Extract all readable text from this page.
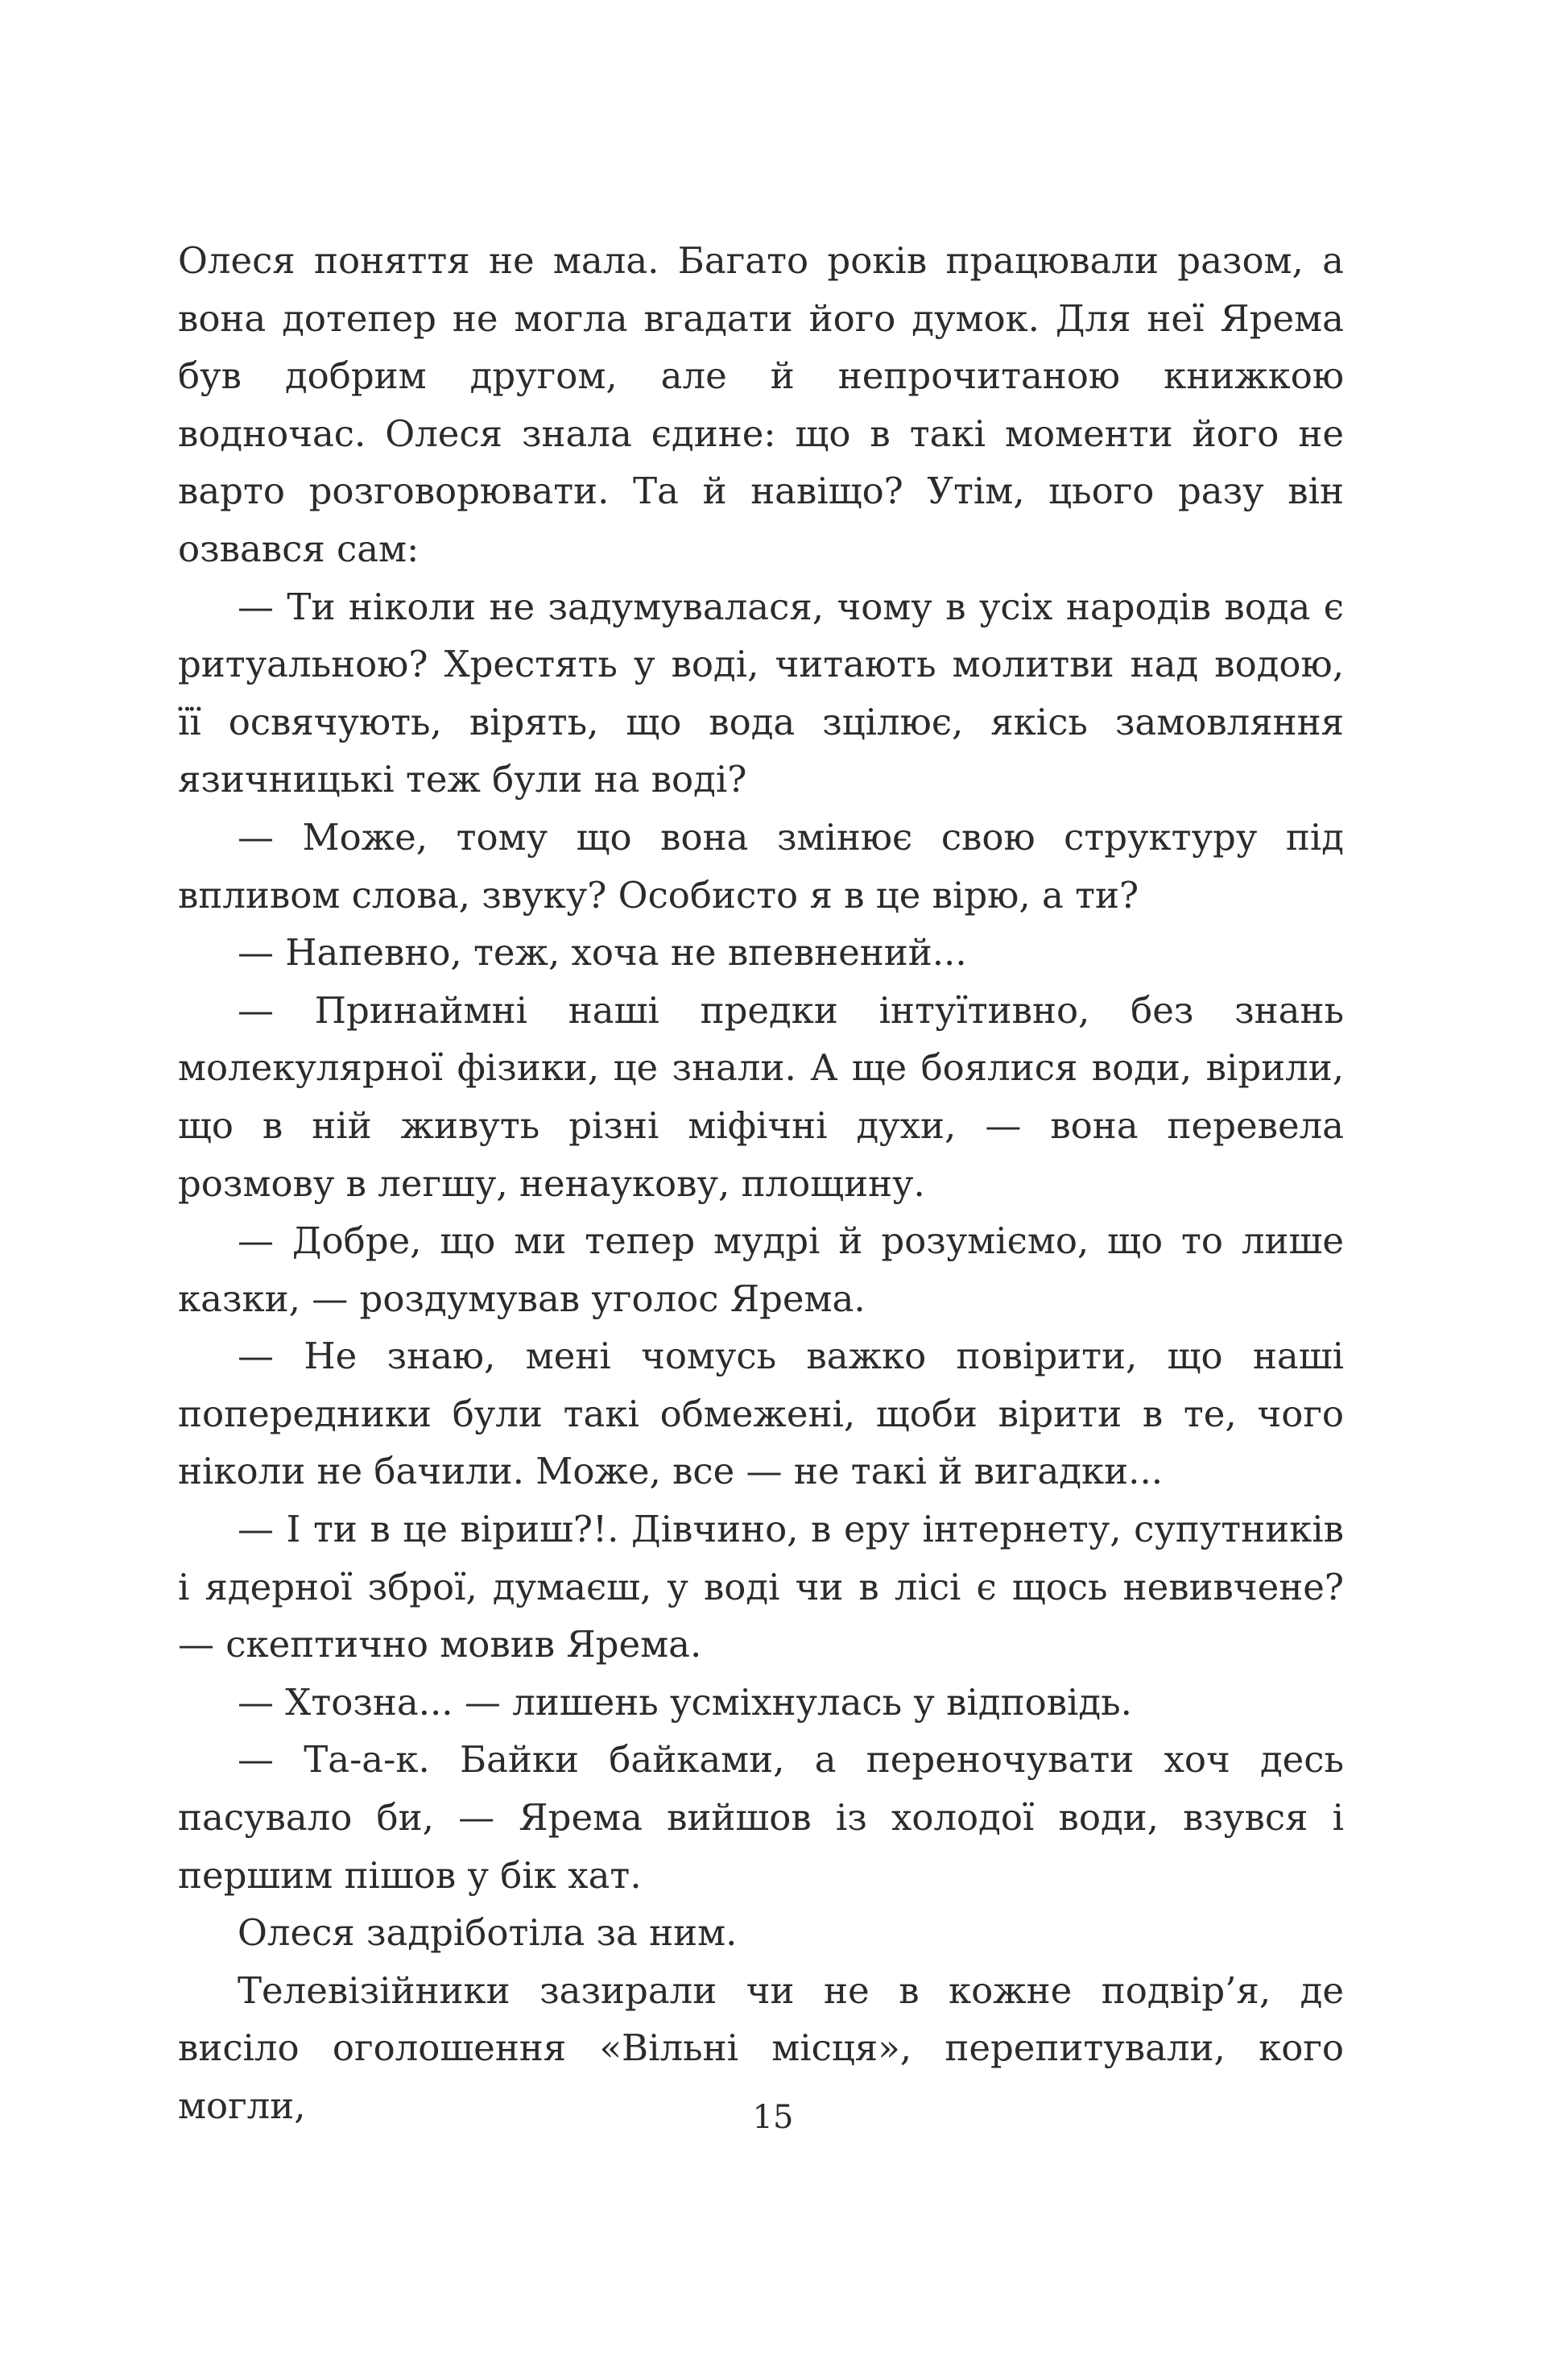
Олеся поняття не мала. Багато років працювали разом, а вона дотепер не могла вгадати його думок. Для неї Ярема був добрим другом, але й непрочитаною книжкою водночас. Олеся знала єдине: що в такі моменти його не варто розговорювати. Та й навіщо? Утім, цього разу він озвався сам:

— Ти ніколи не задумувалася, чому в усіх народів вода є ритуальною? Хрестять у воді, читають молитви над водою, її освячують, вірять, що вода зцілює, якісь замовляння язичницькі теж були на воді?

— Може, тому що вона змінює свою структуру під впливом слова, звуку? Особисто я в це вірю, а ти?

— Напевно, теж, хоча не впевнений...

— Принаймні наші предки інтуїтивно, без знань молекулярної фізики, це знали. А ще боялися води, вірили, що в ній живуть різні міфічні духи, — вона перевела розмову в легшу, ненаукову, площину.

— Добре, що ми тепер мудрі й розуміємо, що то лише казки, — роздумував уголос Ярема.

— Не знаю, мені чомусь важко повірити, що наші попередники були такі обмежені, щоби вірити в те, чого ніколи не бачили. Може, все — не такі й вигадки...

— І ти в це віриш?!. Дівчино, в еру інтернету, супутників і ядерної зброї, думаєш, у воді чи в лісі є щось невивчене? — скептично мовив Ярема.

— Хтозна... — лишень усміхнулась у відповідь.

— Та-а-к. Байки байками, а переночувати хоч десь пасувало би, — Ярема вийшов із холодої води, взувся і першим пішов у бік хат.

Олеся задріботіла за ним.

Телевізійники зазирали чи не в кожне подвір’я, де висіло оголошення «Вільні місця», перепитували, кого могли,	15
